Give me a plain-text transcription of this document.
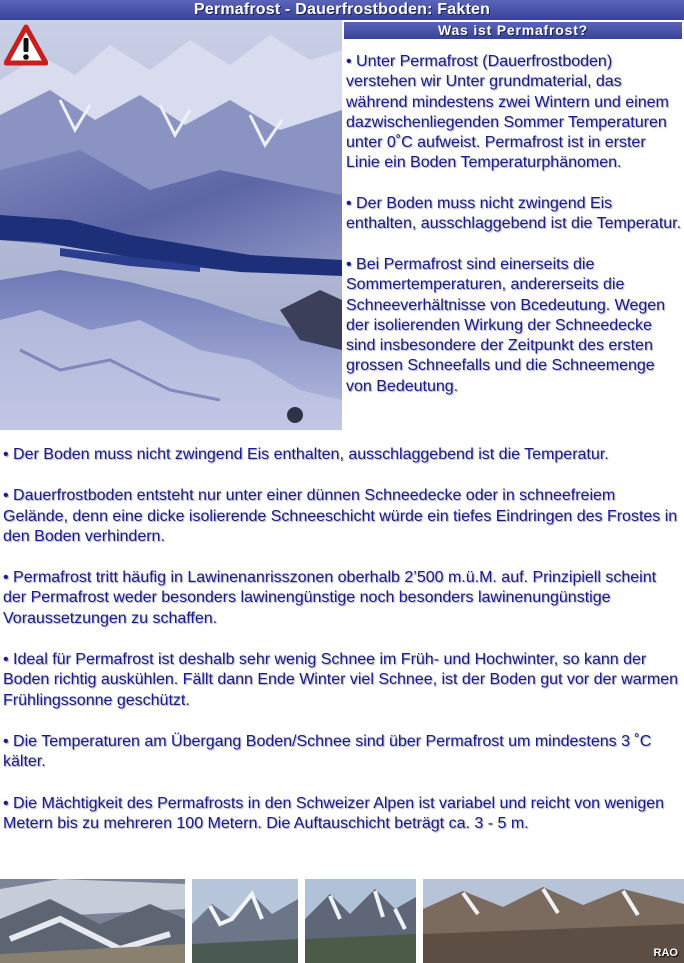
Permafrost - Dauerfrostboden: Fakten
Was ist Permafrost?

• Unter Permafrost (Dauerfrostboden) verstehen wir Unter grundmaterial, das während mindestens zwei Wintern und einem dazwischenliegenden Sommer Temperaturen unter 0˚C aufweist. Permafrost ist in erster Linie ein Boden Temperaturphänomen.

• Der Boden muss nicht zwingend Eis enthalten, ausschlaggebend ist die Temperatur.

• Bei Permafrost sind einerseits die Sommertemperaturen, andererseits die Schneeverhältnisse von Bcedeutung. Wegen der isolierenden Wirkung der Schneedecke sind insbesondere der Zeitpunkt des ersten grossen Schneefalls und die Schneemenge von Bedeutung.

• Der Boden muss nicht zwingend Eis enthalten, ausschlaggebend ist die Temperatur.

• Dauerfrostboden entsteht nur unter einer dünnen Schneedecke oder in schneefreiem Gelände, denn eine dicke isolierende Schneeschicht würde ein tiefes Eindringen des Frostes in den Boden verhindern.

• Permafrost tritt häufig in Lawinenanrisszonen oberhalb 2’500 m.ü.M. auf. Prinzipiell scheint der Permafrost weder besonders lawinengünstige noch besonders lawinenungünstige Voraussetzungen zu schaffen.

• Ideal für Permafrost ist deshalb sehr wenig Schnee im Früh- und Hochwinter, so kann der Boden richtig auskühlen. Fällt dann Ende Winter viel Schnee, ist der Boden gut vor der warmen Frühlingssonne geschützt.

• Die Temperaturen am Übergang Boden/Schnee sind über Permafrost um mindestens 3 ˚C kälter.

• Die Mächtigkeit des Permafrosts in den Schweizer Alpen ist variabel und reicht von wenigen Metern bis zu mehreren 100 Metern. Die Auftauschicht beträgt ca. 3 - 5 m.

RAO
